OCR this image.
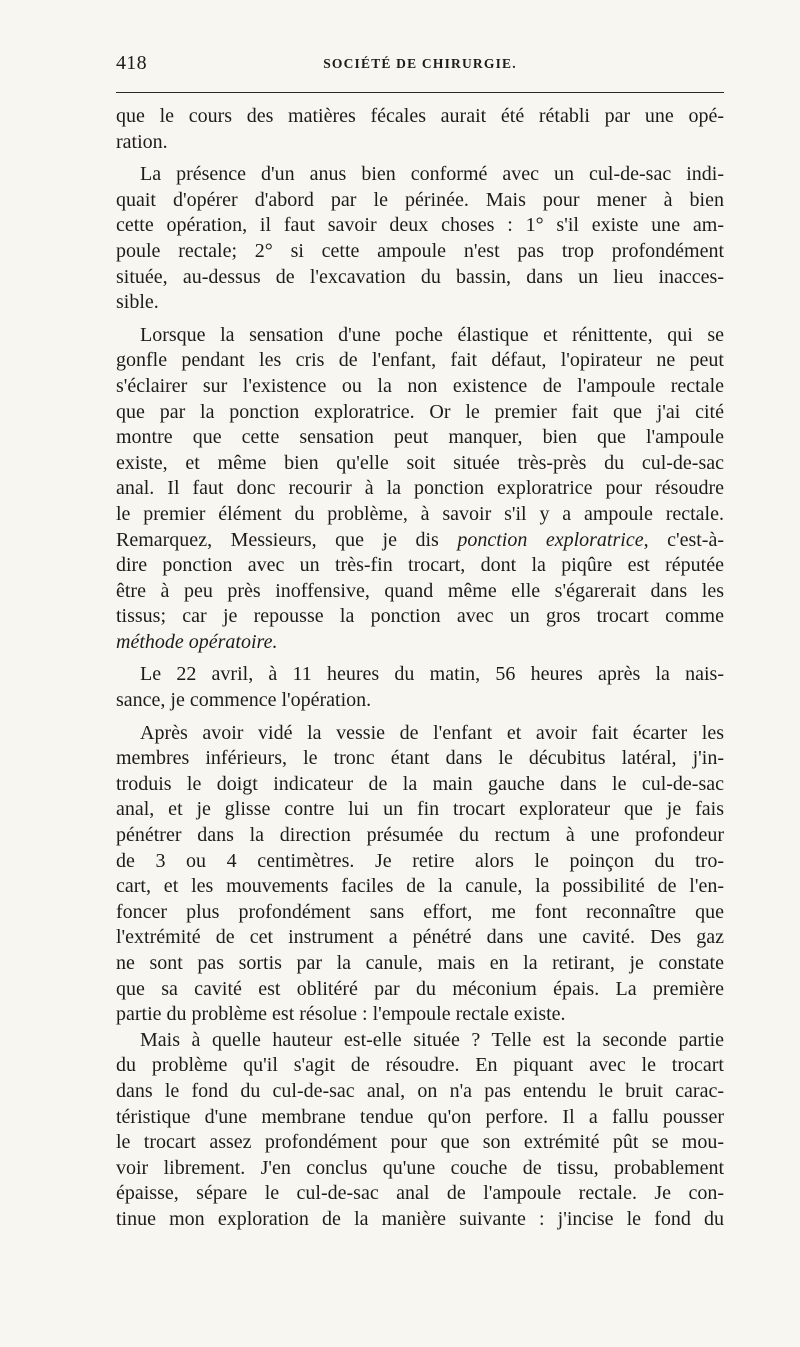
418	SOCIÉTÉ DE CHIRURGIE.
que le cours des matières fécales aurait été rétabli par une opé-
ration.
La présence d'un anus bien conformé avec un cul-de-sac indi-
quait d'opérer d'abord par le périnée. Mais pour mener à bien
cette opération, il faut savoir deux choses : 1° s'il existe une am-
poule rectale; 2° si cette ampoule n'est pas trop profondément
située, au-dessus de l'excavation du bassin, dans un lieu inacces-
sible.
Lorsque la sensation d'une poche élastique et rénittente, qui se
gonfle pendant les cris de l'enfant, fait défaut, l'opirateur ne peut
s'éclairer sur l'existence ou la non existence de l'ampoule rectale
que par la ponction exploratrice. Or le premier fait que j'ai cité
montre que cette sensation peut manquer, bien que l'ampoule
existe, et même bien qu'elle soit située très-près du cul-de-sac
anal. Il faut donc recourir à la ponction exploratrice pour résoudre
le premier élément du problème, à savoir s'il y a ampoule rectale.
Remarquez, Messieurs, que je dis ponction exploratrice, c'est-à-
dire ponction avec un très-fin trocart, dont la piqûre est réputée
être à peu près inoffensive, quand même elle s'égarerait dans les
tissus; car je repousse la ponction avec un gros trocart comme
méthode opératoire.
Le 22 avril, à 11 heures du matin, 56 heures après la nais-
sance, je commence l'opération.
Après avoir vidé la vessie de l'enfant et avoir fait écarter les
membres inférieurs, le tronc étant dans le décubitus latéral, j'in-
troduis le doigt indicateur de la main gauche dans le cul-de-sac
anal, et je glisse contre lui un fin trocart explorateur que je fais
pénétrer dans la direction présumée du rectum à une profondeur
de 3 ou 4 centimètres. Je retire alors le poinçon du tro-
cart, et les mouvements faciles de la canule, la possibilité de l'en-
foncer plus profondément sans effort, me font reconnaître que
l'extrémité de cet instrument a pénétré dans une cavité. Des gaz
ne sont pas sortis par la canule, mais en la retirant, je constate
que sa cavité est oblitéré par du méconium épais. La première
partie du problème est résolue : l'empoule rectale existe.
Mais à quelle hauteur est-elle située ? Telle est la seconde partie
du problème qu'il s'agit de résoudre. En piquant avec le trocart
dans le fond du cul-de-sac anal, on n'a pas entendu le bruit carac-
téristique d'une membrane tendue qu'on perfore. Il a fallu pousser
le trocart assez profondément pour que son extrémité pût se mou-
voir librement. J'en conclus qu'une couche de tissu, probablement
épaisse, sépare le cul-de-sac anal de l'ampoule rectale. Je con-
tinue mon exploration de la manière suivante : j'incise le fond du
